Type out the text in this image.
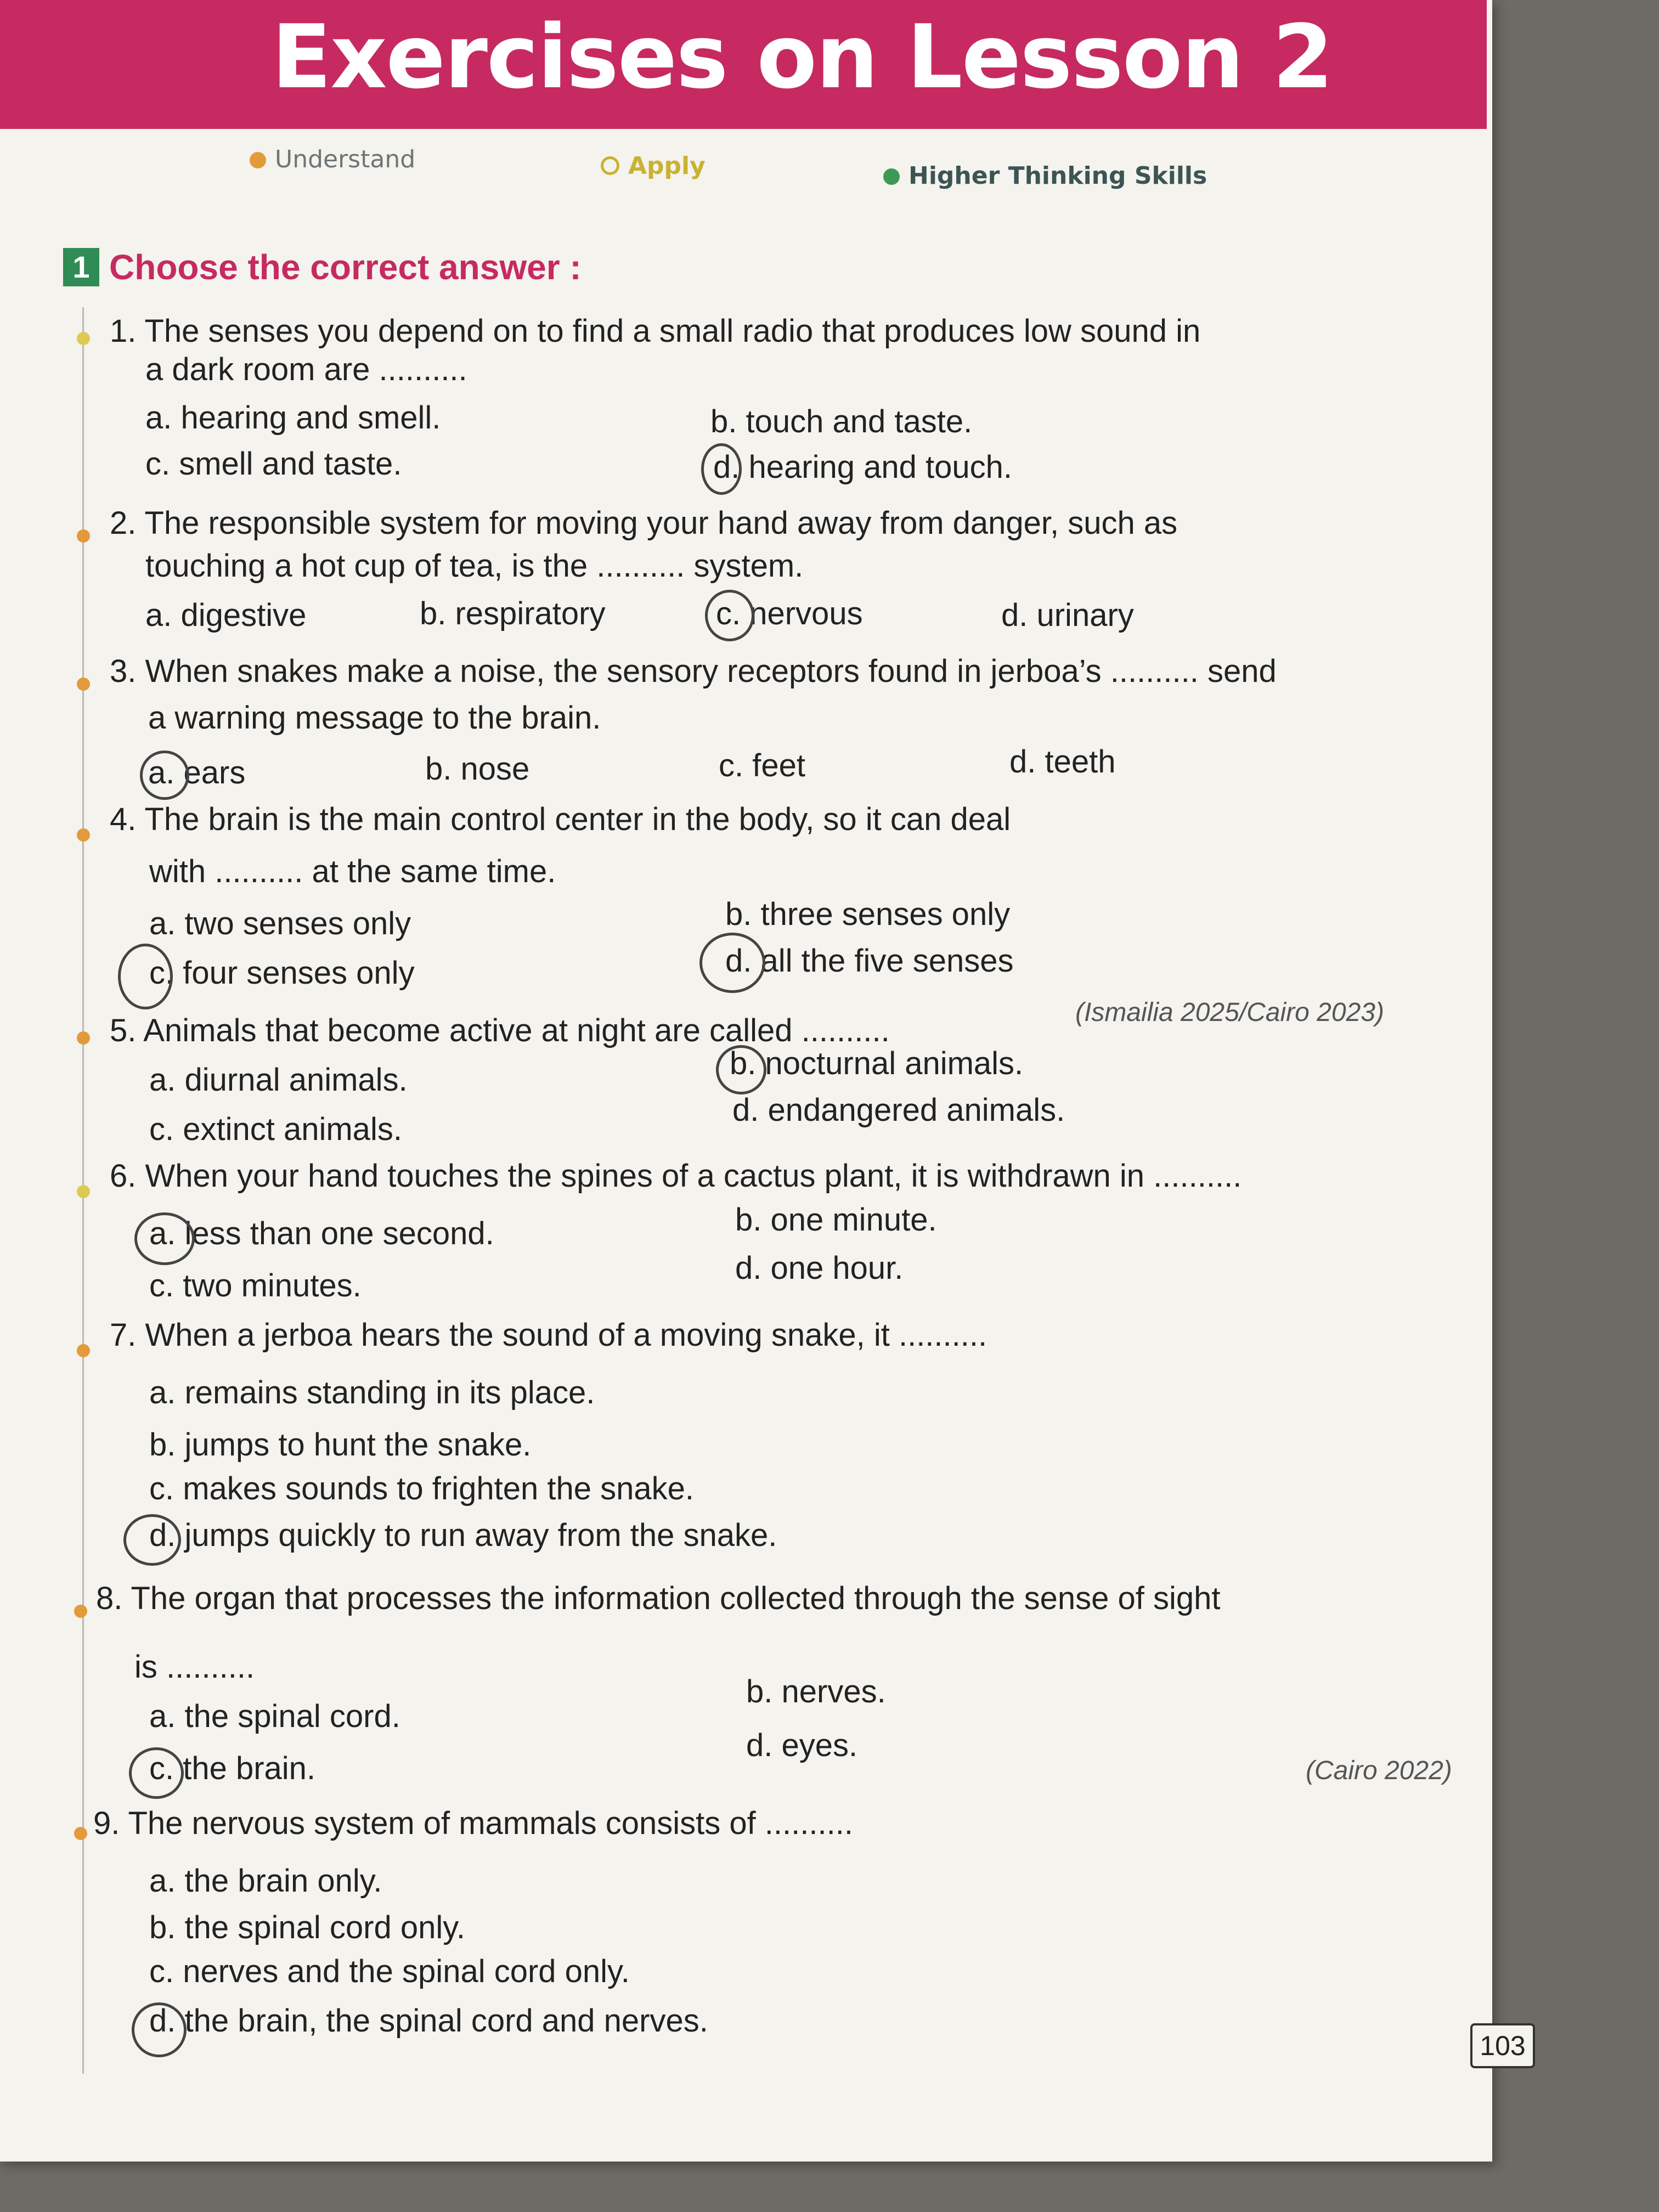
Exercises on Lesson 2
Understand	Apply	Higher Thinking Skills
1 Choose the correct answer :
1. The senses you depend on to find a small radio that produces low sound in
a dark room are ..........
a. hearing and smell.	b. touch and taste.
c. smell and taste.	d. hearing and touch.
2. The responsible system for moving your hand away from danger, such as
touching a hot cup of tea, is the .......... system.
a. digestive	b. respiratory	c. nervous	d. urinary
3. When snakes make a noise, the sensory receptors found in jerboa’s .......... send
a warning message to the brain.
a. ears	b. nose	c. feet	d. teeth
4. The brain is the main control center in the body, so it can deal
with .......... at the same time.
a. two senses only	b. three senses only
c. four senses only	d. all the five senses
5. Animals that become active at night are called ..........
(Ismailia 2025/Cairo 2023)
a. diurnal animals.	b. nocturnal animals.
c. extinct animals.
d. endangered animals.
6. When your hand touches the spines of a cactus plant, it is withdrawn in ..........
a. less than one second.	b. one minute.
c. two minutes.	d. one hour.
7. When a jerboa hears the sound of a moving snake, it ..........
a. remains standing in its place.
b. jumps to hunt the snake.
c. makes sounds to frighten the snake.
d. jumps quickly to run away from the snake.
8. The organ that processes the information collected through the sense of sight
is ..........
a. the spinal cord.
b. nerves.
c. the brain.
d. eyes.
9. The nervous system of mammals consists of ..........
(Cairo 2022)
a. the brain only.
b. the spinal cord only.
c. nerves and the spinal cord only.
d. the brain, the spinal cord and nerves.
103
